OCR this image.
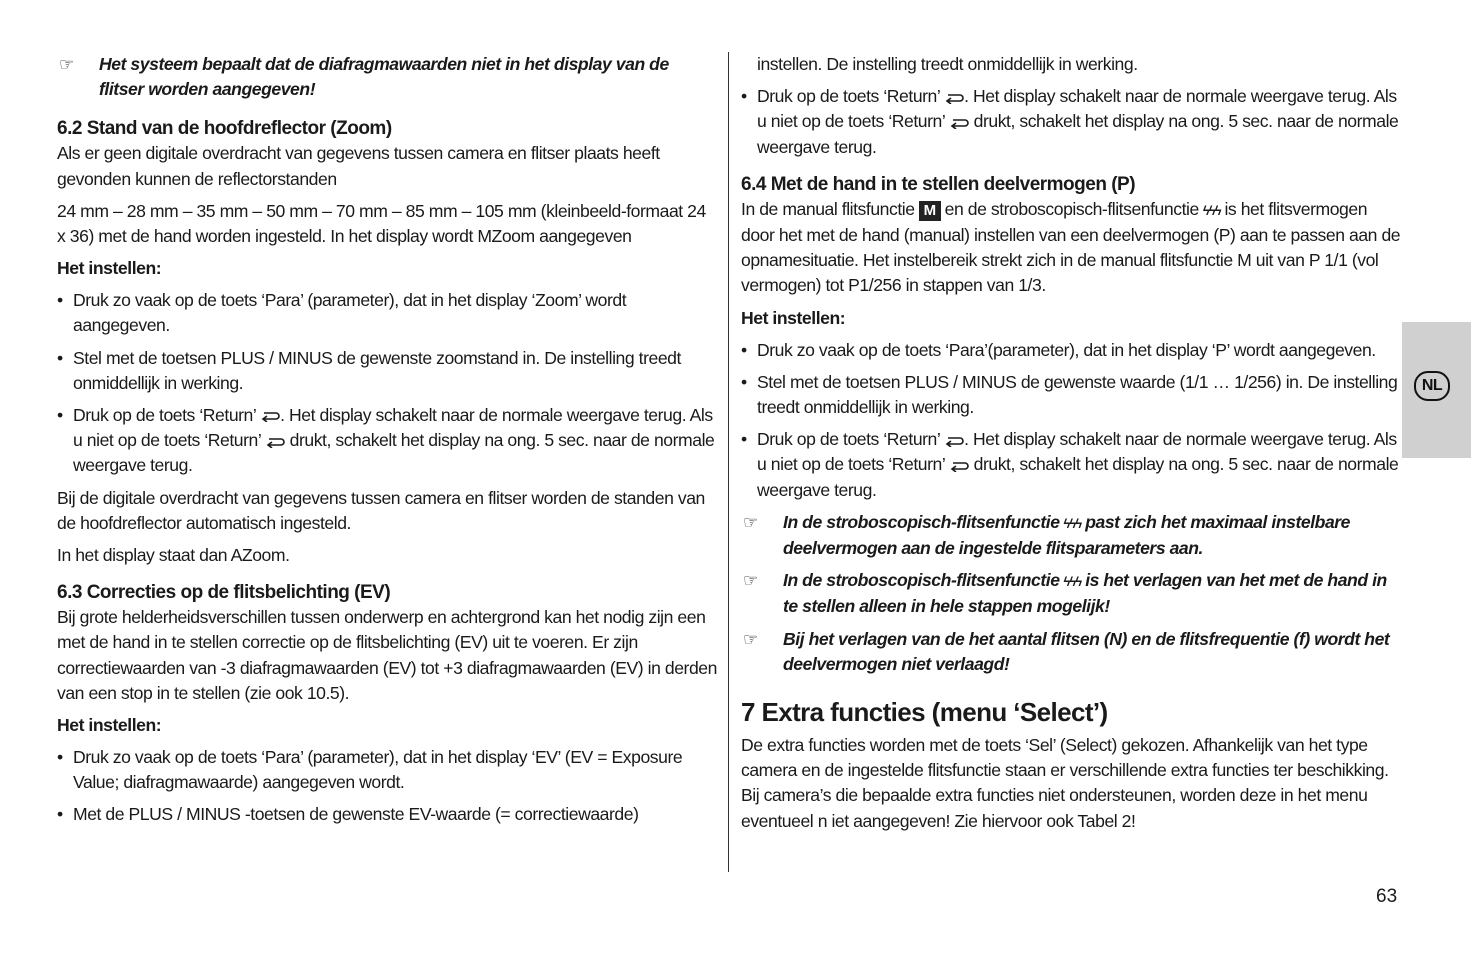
☞ Het systeem bepaalt dat de diafragmawaarden niet in het display van de flitser worden aangegeven!

6.2 Stand van de hoofdreflector (Zoom)

Als er geen digitale overdracht van gegevens tussen camera en flitser plaats heeft gevonden kunnen de reflectorstanden

24 mm – 28 mm – 35 mm – 50 mm – 70 mm – 85 mm – 105 mm (kleinbeeld-formaat 24 x 36) met de hand worden ingesteld. In het display wordt MZoom aangegeven

Het instellen:

• Druk zo vaak op de toets ‘Para’ (parameter), dat in het display ‘Zoom’ wordt aangegeven.

• Stel met de toetsen PLUS / MINUS de gewenste zoomstand in. De instelling treedt onmiddellijk in werking.

• Druk op de toets ‘Return’ . Het display schakelt naar de normale weergave terug. Als u niet op de toets ‘Return’ drukt, schakelt het display na ong. 5 sec. naar de normale weergave terug.

Bij de digitale overdracht van gegevens tussen camera en flitser worden de standen van de hoofdreflector automatisch ingesteld.

In het display staat dan AZoom.

6.3 Correcties op de flitsbelichting (EV)

Bij grote helderheidsverschillen tussen onderwerp en achtergrond kan het nodig zijn een met de hand in te stellen correctie op de flitsbelichting (EV) uit te voeren. Er zijn correctiewaarden van -3 diafragmawaarden (EV) tot +3 diafragmawaarden (EV) in derden van een stop in te stellen (zie ook 10.5).

Het instellen:

• Druk zo vaak op de toets ‘Para’ (parameter), dat in het display ‘EV’ (EV = Exposure Value; diafragmawaarde) aangegeven wordt.

• Met de PLUS / MINUS -toetsen de gewenste EV-waarde (= correctiewaarde)

instellen. De instelling treedt onmiddellijk in werking.

• Druk op de toets ‘Return’ . Het display schakelt naar de normale weergave terug. Als u niet op de toets ‘Return’ drukt, schakelt het display na ong. 5 sec. naar de normale weergave terug.

6.4 Met de hand in te stellen deelvermogen (P)

In de manual flitsfunctie M en de stroboscopisch-flitsenfunctie ϟϟϟ is het flitsvermogen door het met de hand (manual) instellen van een deelvermogen (P) aan te passen aan de opnamesituatie. Het instelbereik strekt zich in de manual flitsfunctie M uit van P 1/1 (vol vermogen) tot P1/256 in stappen van 1/3.

Het instellen:

• Druk zo vaak op de toets ‘Para’(parameter), dat in het display ‘P’ wordt aangegeven.

• Stel met de toetsen PLUS / MINUS de gewenste waarde (1/1 … 1/256) in. De instelling treedt onmiddellijk in werking.

• Druk op de toets ‘Return’ . Het display schakelt naar de normale weergave terug. Als u niet op de toets ‘Return’ drukt, schakelt het display na ong. 5 sec. naar de normale weergave terug.

☞ In de stroboscopisch-flitsenfunctie ϟϟϟ past zich het maximaal instelbare deelvermogen aan de ingestelde flitsparameters aan.

☞ In de stroboscopisch-flitsenfunctie ϟϟϟ is het verlagen van het met de hand in te stellen alleen in hele stappen mogelijk!

☞ Bij het verlagen van de het aantal flitsen (N) en de flitsfrequentie (f) wordt het deelvermogen niet verlaagd!

7 Extra functies (menu ‘Select’)

De extra functies worden met de toets ‘Sel’ (Select) gekozen. Afhankelijk van het type camera en de ingestelde flitsfunctie staan er verschillende extra functies ter beschikking. Bij camera’s die bepaalde extra functies niet ondersteunen, worden deze in het menu eventueel n iet aangegeven! Zie hiervoor ook Tabel 2!

NL
63
